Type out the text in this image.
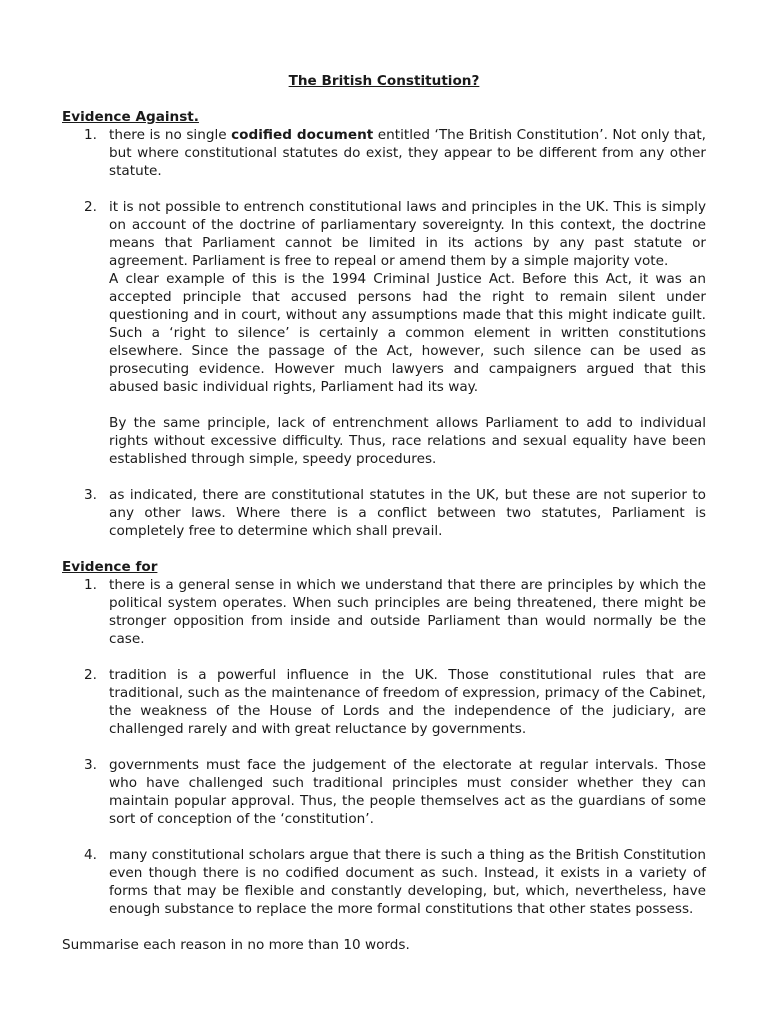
The British Constitution?

Evidence Against.

1. there is no single codified document entitled ‘The British Constitution’. Not only that, but where constitutional statutes do exist, they appear to be different from any other statute.

2. it is not possible to entrench constitutional laws and principles in the UK. This is simply on account of the doctrine of parliamentary sovereignty. In this context, the doctrine means that Parliament cannot be limited in its actions by any past statute or agreement. Parliament is free to repeal or amend them by a simple majority vote.

A clear example of this is the 1994 Criminal Justice Act. Before this Act, it was an accepted principle that accused persons had the right to remain silent under questioning and in court, without any assumptions made that this might indicate guilt. Such a ‘right to silence’ is certainly a common element in written constitutions elsewhere. Since the passage of the Act, however, such silence can be used as prosecuting evidence. However much lawyers and campaigners argued that this abused basic individual rights, Parliament had its way.

By the same principle, lack of entrenchment allows Parliament to add to individual rights without excessive difficulty. Thus, race relations and sexual equality have been established through simple, speedy procedures.

3. as indicated, there are constitutional statutes in the UK, but these are not superior to any other laws. Where there is a conflict between two statutes, Parliament is completely free to determine which shall prevail.

Evidence for

1. there is a general sense in which we understand that there are principles by which the political system operates. When such principles are being threatened, there might be stronger opposition from inside and outside Parliament than would normally be the case.

2. tradition is a powerful influence in the UK. Those constitutional rules that are traditional, such as the maintenance of freedom of expression, primacy of the Cabinet, the weakness of the House of Lords and the independence of the judiciary, are challenged rarely and with great reluctance by governments.

3. governments must face the judgement of the electorate at regular intervals. Those who have challenged such traditional principles must consider whether they can maintain popular approval. Thus, the people themselves act as the guardians of some sort of conception of the ‘constitution’.

4. many constitutional scholars argue that there is such a thing as the British Constitution even though there is no codified document as such. Instead, it exists in a variety of forms that may be flexible and constantly developing, but, which, nevertheless, have enough substance to replace the more formal constitutions that other states possess.

Summarise each reason in no more than 10 words.
